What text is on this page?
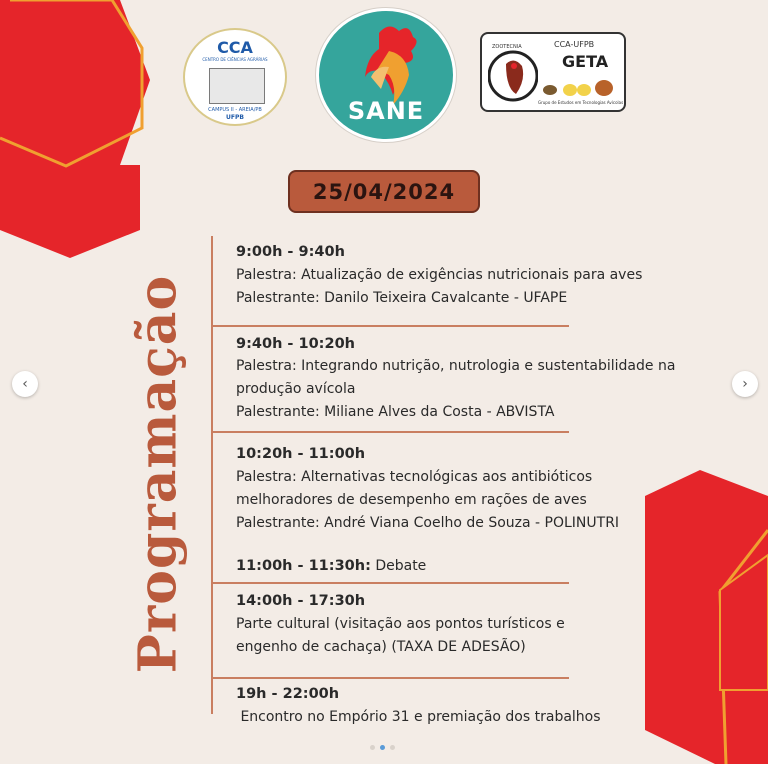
CCA
CENTRO DE CIÊNCIAS AGRÁRIAS
CAMPUS II - AREIA/PB
UFPB	SANE
ZOOTECNIA	CCA-UFPB
GETA
Grupo de Estudos em Tecnologias Avícolas
25/04/2024
Programação
9:00h - 9:40h
Palestra: Atualização de exigências nutricionais para aves
Palestrante: Danilo Teixeira Cavalcante - UFAPE
9:40h - 10:20h
Palestra: Integrando nutrição, nutrologia e sustentabilidade na
produção avícola
Palestrante: Miliane Alves da Costa - ABVISTA
10:20h - 11:00h
Palestra: Alternativas tecnológicas aos antibióticos
melhoradores de desempenho em rações de aves
Palestrante: André Viana Coelho de Souza - POLINUTRI
11:00h - 11:30h: Debate
14:00h - 17:30h
Parte cultural (visitação aos pontos turísticos e
engenho de cachaça) (TAXA DE ADESÃO)
19h - 22:00h
Encontro no Empório 31 e premiação dos trabalhos
‹	›
